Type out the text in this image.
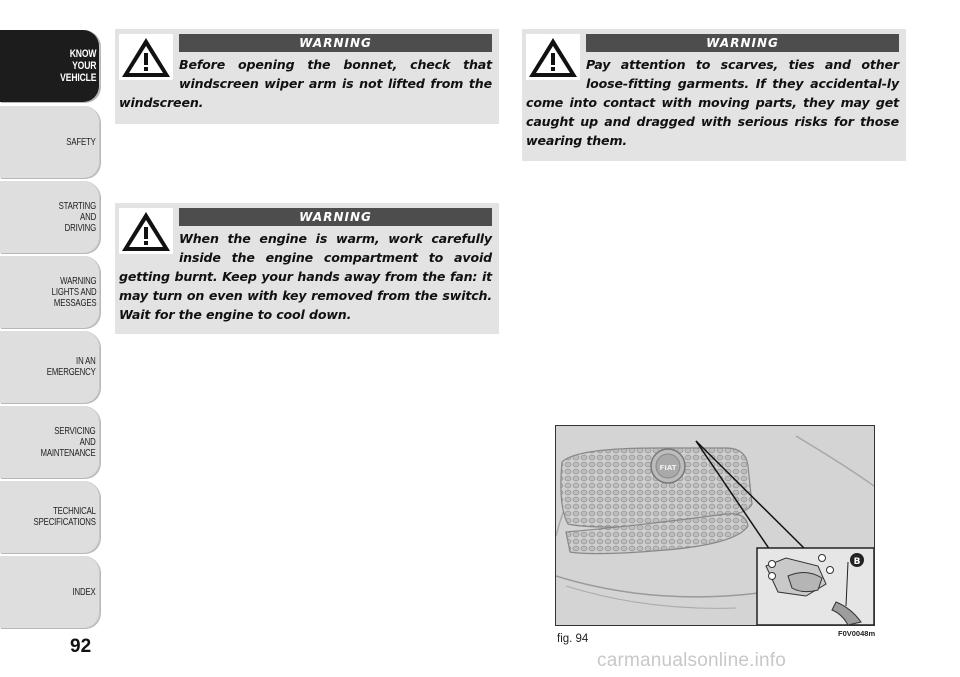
KNOW
YOUR
VEHICLE
SAFETY
STARTING
AND
DRIVING
WARNING
LIGHTS AND
MESSAGES
IN AN
EMERGENCY
SERVICING
AND
MAINTENANCE
TECHNICAL
SPECIFICATIONS
INDEX
92
WARNING

Before opening the bonnet, check that windscreen wiper arm is not lifted from the windscreen.

WARNING

When the engine is warm, work carefully inside the engine compartment to avoid getting burnt. Keep your hands away from the fan: it may turn on even with key removed from the switch. Wait for the engine to cool down.

WARNING

Pay attention to scarves, ties and other loose-fitting garments. If they accidental-ly come into contact with moving parts, they may get caught up and dragged with serious risks for those wearing them.

FIAT
B
fig. 94	F0V0048m
carmanualsonline.info
